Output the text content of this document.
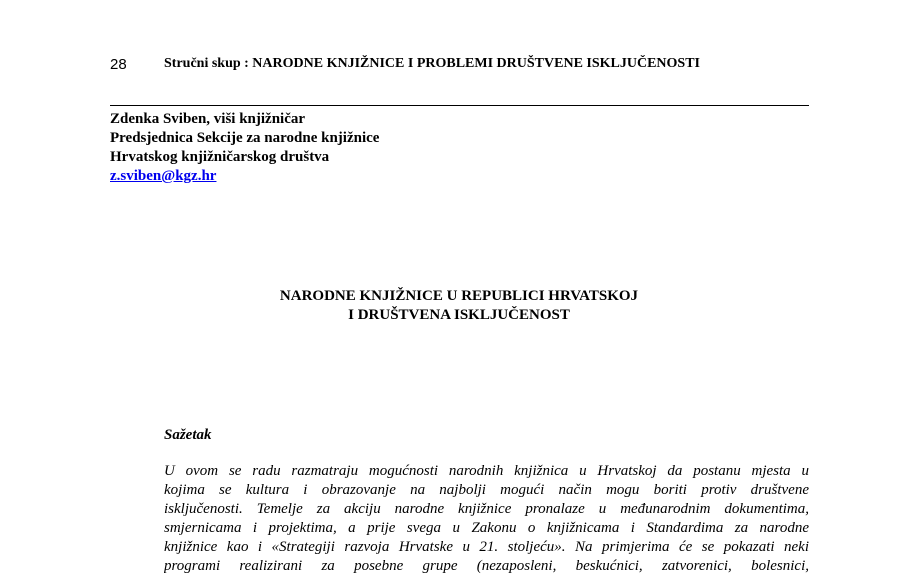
28	Stručni skup : NARODNE KNJIŽNICE I PROBLEMI DRUŠTVENE ISKLJUČENOSTI
Zdenka Sviben, viši knjižničar
Predsjednica Sekcije za narodne knjižnice
Hrvatskog knjižničarskog društva
z.sviben@kgz.hr
NARODNE KNJIŽNICE U REPUBLICI HRVATSKOJ
I DRUŠTVENA ISKLJUČENOST
Sažetak
U ovom se radu razmatraju mogućnosti narodnih knjižnica u Hrvatskoj da postanu mjesta u
kojima se kultura i obrazovanje na najbolji mogući način mogu boriti protiv društvene
isključenosti. Temelje za akciju narodne knjižnice pronalaze u međunarodnim dokumentima,
smjernicama i projektima, a prije svega u Zakonu o knjižnicama i Standardima za narodne
knjižnice kao i «Strategiji razvoja Hrvatske u 21. stoljeću». Na primjerima će se pokazati neki
programi realizirani za posebne grupe (nezaposleni, beskućnici, zatvorenici, bolesnici,
